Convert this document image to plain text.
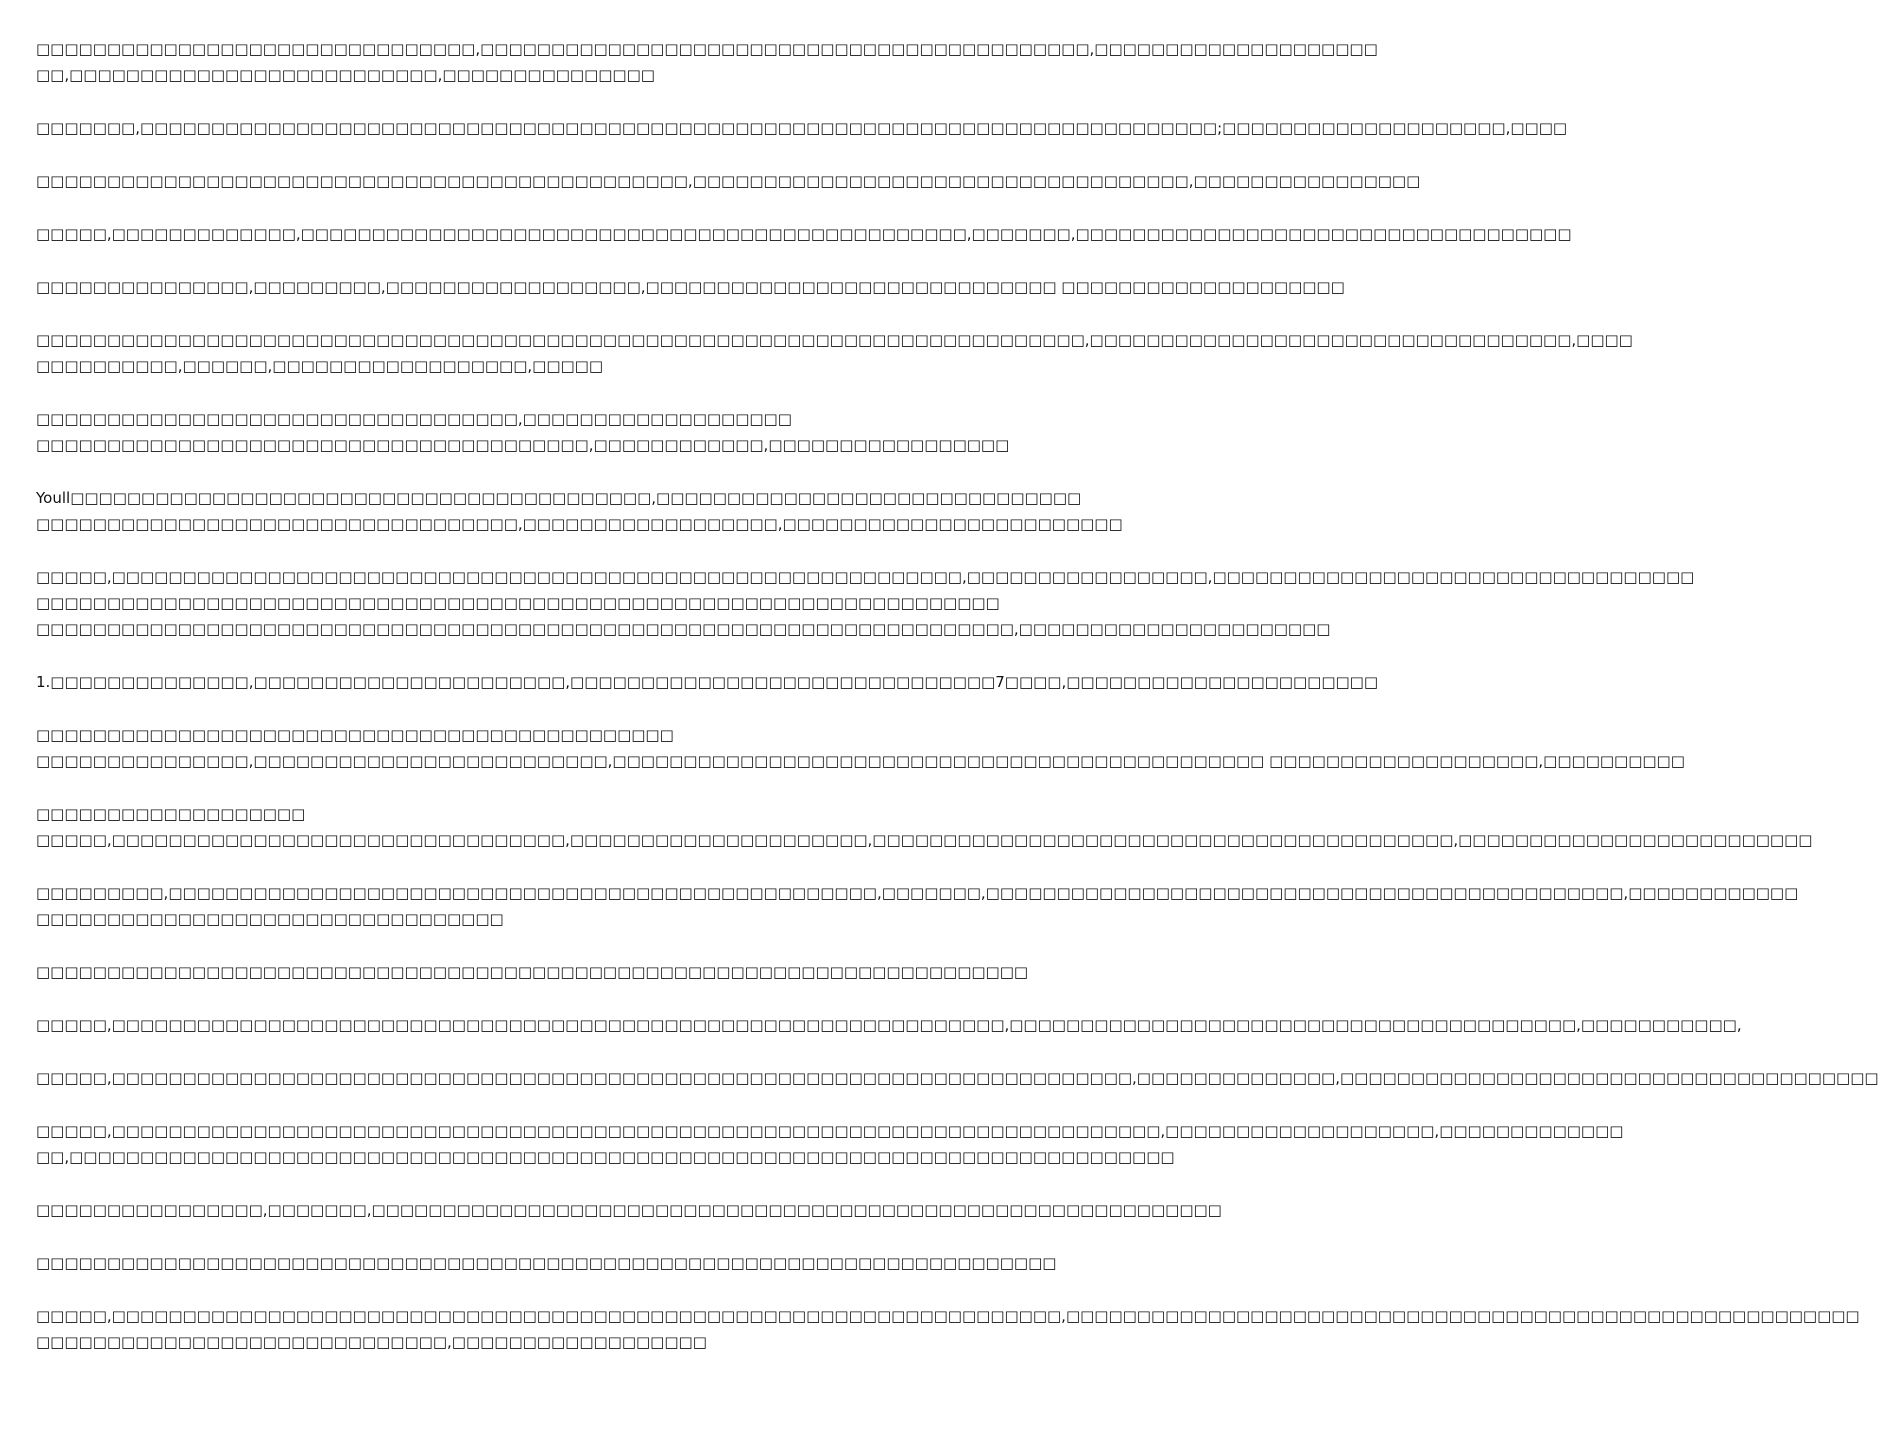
□□□□□□□□□□□□□□□□□□□□□□□□□□□□□□□,□□□□□□□□□□□□□□□□□□□□□□□□□□□□□□□□□□□□□□□□□□□,□□□□□□□□□□□□□□□□□□□□
□□,□□□□□□□□□□□□□□□□□□□□□□□□□□,□□□□□□□□□□□□□□□

□□□□□□□,□□□□□□□□□□□□□□□□□□□□□□□□□□□□□□□□□□□□□□□□□□□□□□□□□□□□□□□□□□□□□□□□□□□□□□□□□□□□;□□□□□□□□□□□□□□□□□□□□,□□□□

□□□□□□□□□□□□□□□□□□□□□□□□□□□□□□□□□□□□□□□□□□□□□□,□□□□□□□□□□□□□□□□□□□□□□□□□□□□□□□□□□□,□□□□□□□□□□□□□□□□

□□□□□,□□□□□□□□□□□□□,□□□□□□□□□□□□□□□□□□□□□□□□□□□□□□□□□□□□□□□□□□□□□□□,□□□□□□□,□□□□□□□□□□□□□□□□□□□□□□□□□□□□□□□□□□□

□□□□□□□□□□□□□□□,□□□□□□□□□,□□□□□□□□□□□□□□□□□□,□□□□□□□□□□□□□□□□□□□□□□□□□□□□□ □□□□□□□□□□□□□□□□□□□□

□□□□□□□□□□□□□□□□□□□□□□□□□□□□□□□□□□□□□□□□□□□□□□□□□□□□□□□□□□□□□□□□□□□□□□□□□□,□□□□□□□□□□□□□□□□□□□□□□□□□□□□□□□□□□,□□□□
□□□□□□□□□□,□□□□□□,□□□□□□□□□□□□□□□□□□,□□□□□

□□□□□□□□□□□□□□□□□□□□□□□□□□□□□□□□□□,□□□□□□□□□□□□□□□□□□□
□□□□□□□□□□□□□□□□□□□□□□□□□□□□□□□□□□□□□□□,□□□□□□□□□□□□,□□□□□□□□□□□□□□□□□

Youll□□□□□□□□□□□□□□□□□□□□□□□□□□□□□□□□□□□□□□□□□,□□□□□□□□□□□□□□□□□□□□□□□□□□□□□□
□□□□□□□□□□□□□□□□□□□□□□□□□□□□□□□□□□,□□□□□□□□□□□□□□□□□□,□□□□□□□□□□□□□□□□□□□□□□□□

□□□□□,□□□□□□□□□□□□□□□□□□□□□□□□□□□□□□□□□□□□□□□□□□□□□□□□□□□□□□□□□□□□,□□□□□□□□□□□□□□□□□,□□□□□□□□□□□□□□□□□□□□□□□□□□□□□□□□□□
□□□□□□□□□□□□□□□□□□□□□□□□□□□□□□□□□□□□□□□□□□□□□□□□□□□□□□□□□□□□□□□□□□□□
□□□□□□□□□□□□□□□□□□□□□□□□□□□□□□□□□□□□□□□□□□□□□□□□□□□□□□□□□□□□□□□□□□□□□,□□□□□□□□□□□□□□□□□□□□□□

1.□□□□□□□□□□□□□□,□□□□□□□□□□□□□□□□□□□□□□,□□□□□□□□□□□□□□□□□□□□□□□□□□□□□□7□□□□,□□□□□□□□□□□□□□□□□□□□□□

□□□□□□□□□□□□□□□□□□□□□□□□□□□□□□□□□□□□□□□□□□□□□
□□□□□□□□□□□□□□□,□□□□□□□□□□□□□□□□□□□□□□□□□,□□□□□□□□□□□□□□□□□□□□□□□□□□□□□□□□□□□□□□□□□□□□□□ □□□□□□□□□□□□□□□□□□□,□□□□□□□□□□

□□□□□□□□□□□□□□□□□□□
□□□□□,□□□□□□□□□□□□□□□□□□□□□□□□□□□□□□□□,□□□□□□□□□□□□□□□□□□□□□,□□□□□□□□□□□□□□□□□□□□□□□□□□□□□□□□□□□□□□□□□,□□□□□□□□□□□□□□□□□□□□□□□□□

□□□□□□□□□,□□□□□□□□□□□□□□□□□□□□□□□□□□□□□□□□□□□□□□□□□□□□□□□□□□,□□□□□□□,□□□□□□□□□□□□□□□□□□□□□□□□□□□□□□□□□□□□□□□□□□□□□,□□□□□□□□□□□□
□□□□□□□□□□□□□□□□□□□□□□□□□□□□□□□□□

□□□□□□□□□□□□□□□□□□□□□□□□□□□□□□□□□□□□□□□□□□□□□□□□□□□□□□□□□□□□□□□□□□□□□□

□□□□□,□□□□□□□□□□□□□□□□□□□□□□□□□□□□□□□□□□□□□□□□□□□□□□□□□□□□□□□□□□□□□□□,□□□□□□□□□□□□□□□□□□□□□□□□□□□□□□□□□□□□□□□□,□□□□□□□□□□□,

□□□□□,□□□□□□□□□□□□□□□□□□□□□□□□□□□□□□□□□□□□□□□□□□□□□□□□□□□□□□□□□□□□□□□□□□□□□□□□,□□□□□□□□□□□□□□,□□□□□□□□□□□□□□□□□□□□□□□□□□□□□□□□□□□□□□

□□□□□,□□□□□□□□□□□□□□□□□□□□□□□□□□□□□□□□□□□□□□□□□□□□□□□□□□□□□□□□□□□□□□□□□□□□□□□□□□,□□□□□□□□□□□□□□□□□□□,□□□□□□□□□□□□□
□□,□□□□□□□□□□□□□□□□□□□□□□□□□□□□□□□□□□□□□□□□□□□□□□□□□□□□□□□□□□□□□□□□□□□□□□□□□□□□□□

□□□□□□□□□□□□□□□□,□□□□□□□,□□□□□□□□□□□□□□□□□□□□□□□□□□□□□□□□□□□□□□□□□□□□□□□□□□□□□□□□□□□□

□□□□□□□□□□□□□□□□□□□□□□□□□□□□□□□□□□□□□□□□□□□□□□□□□□□□□□□□□□□□□□□□□□□□□□□□

□□□□□,□□□□□□□□□□□□□□□□□□□□□□□□□□□□□□□□□□□□□□□□□□□□□□□□□□□□□□□□□□□□□□□□□□□,□□□□□□□□□□□□□□□□□□□□□□□□□□□□□□□□□□□□□□□□□□□□□□□□□□□□□□□□
□□□□□□□□□□□□□□□□□□□□□□□□□□□□□,□□□□□□□□□□□□□□□□□□
